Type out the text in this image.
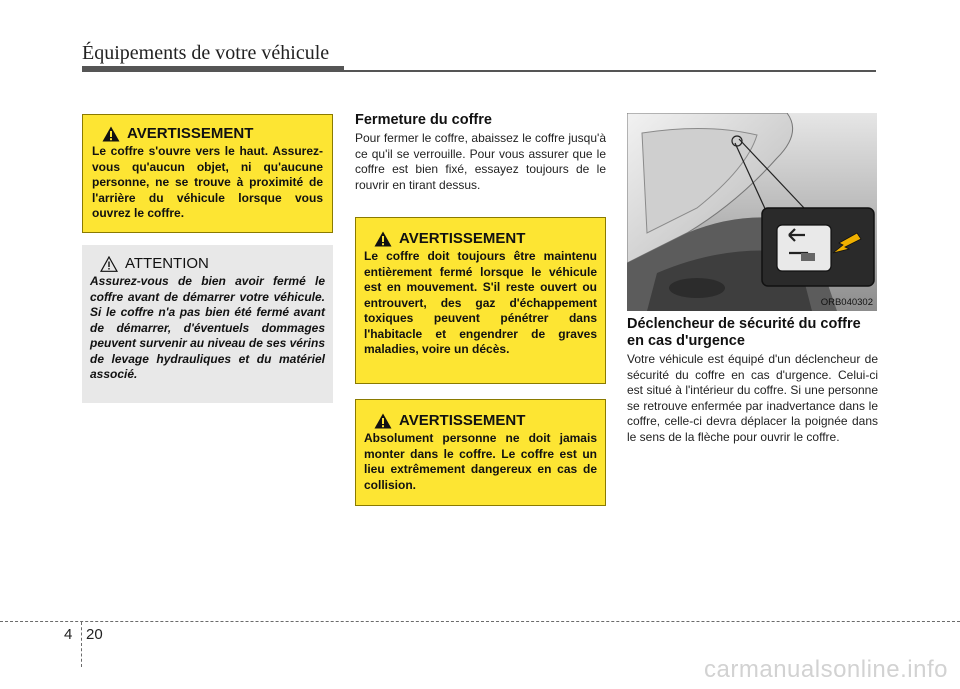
Équipements de votre véhicule
AVERTISSEMENT

Le coffre s'ouvre vers le haut. Assurez-vous qu'aucun objet, ni qu'aucune personne, ne se trouve à proximité de l'arrière du véhicule lorsque vous ouvrez le coffre.

ATTENTION

Assurez-vous de bien avoir fermé le coffre avant de démarrer votre véhicule. Si le coffre n'a pas bien été fermé avant de démarrer, d'éventuels dommages peuvent survenir au niveau de ses vérins de levage hydrauliques et du matériel associé.

Fermeture du coffre

Pour fermer le coffre, abaissez le coffre jusqu'à ce qu'il se verrouille. Pour vous assurer que le coffre est bien fixé, essayez toujours de le rouvrir en tirant dessus.

AVERTISSEMENT

Le coffre doit toujours être maintenu entièrement fermé lorsque le véhicule est en mouvement. S'il reste ouvert ou entrouvert, des gaz d'échappement toxiques peuvent pénétrer dans l'habitacle et engendrer de graves maladies, voire un décès.

AVERTISSEMENT

Absolument personne ne doit jamais monter dans le coffre. Le coffre est un lieu extrêmement dangereux en cas de collision.

ORB040302
Déclencheur de sécurité du coffre en cas d'urgence

Votre véhicule est équipé d'un déclencheur de sécurité du coffre en cas d'urgence. Celui-ci est situé à l'intérieur du coffre. Si une personne se retrouve enfermée par inadvertance dans le coffre, celle-ci devra déplacer la poignée dans le sens de la flèche pour ouvrir le coffre.

4 20
carmanualsonline.info
